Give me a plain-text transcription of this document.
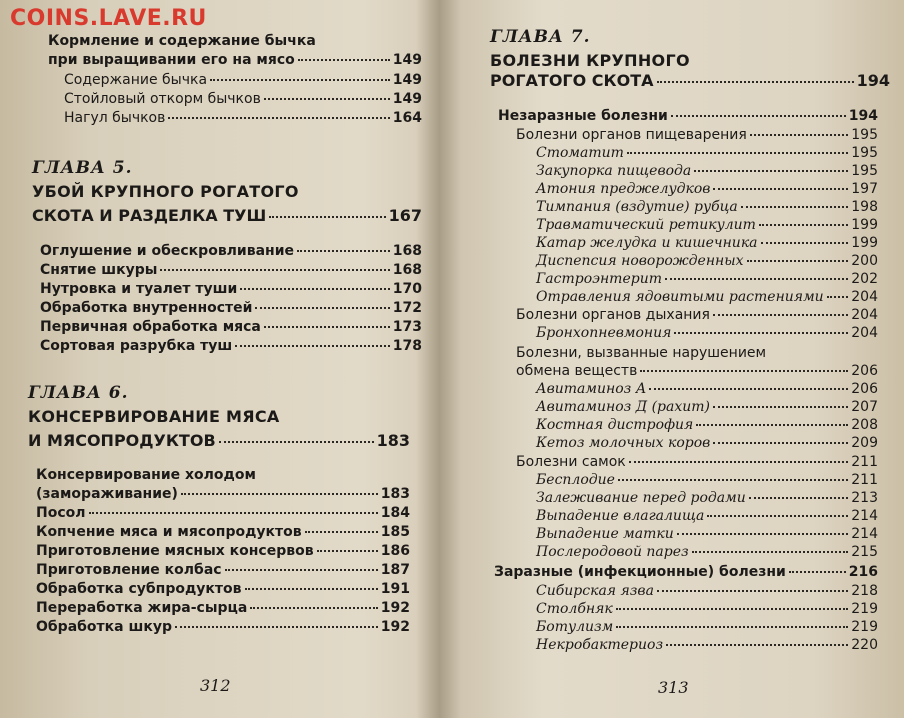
COINS.LAVE.RU
Кормление и содержание бычка
при выращивании его на мясо	149
Содержание бычка	149
Стойловый откорм бычков	149
Нагул бычков	164
ГЛАВА 5.
УБОЙ КРУПНОГО РОГАТОГО
СКОТА И РАЗДЕЛКА ТУШ	167
Оглушение и обескровливание	168
Снятие шкуры	168
Нутровка и туалет туши	170
Обработка внутренностей	172
Первичная обработка мяса	173
Сортовая разрубка туш	178
ГЛАВА 6.
КОНСЕРВИРОВАНИЕ МЯСА
И МЯСОПРОДУКТОВ	183
Консервирование холодом
(замораживание)	183
Посол	184
Копчение мяса и мясопродуктов	185
Приготовление мясных консервов	186
Приготовление колбас	187
Обработка субпродуктов	191
Переработка жира-сырца	192
Обработка шкур	192
312
ГЛАВА 7.
БОЛЕЗНИ КРУПНОГО
РОГАТОГО СКОТА	194
Незаразные болезни	194
Болезни органов пищеварения	195
Стоматит	195
Закупорка пищевода	195
Атония преджелудков	197
Тимпания (вздутие) рубца	198
Травматический ретикулит	199
Катар желудка и кишечника	199
Диспепсия новорожденных	200
Гастроэнтерит	202
Отравления ядовитыми растениями 204
Болезни органов дыхания	204
Бронхопневмония	204
Болезни, вызванные нарушением
обмена веществ	206
Авитаминоз А	206
Авитаминоз Д (рахит)	207
Костная дистрофия	208
Кетоз молочных коров	209
Болезни самок	211
Бесплодие	211
Залеживание перед родами	213
Выпадение влагалища	214
Выпадение матки	214
Послеродовой парез	215
Заразные (инфекционные) болезни	216
Сибирская язва	218
Столбняк	219
Ботулизм	219
Некробактериоз	220
313
